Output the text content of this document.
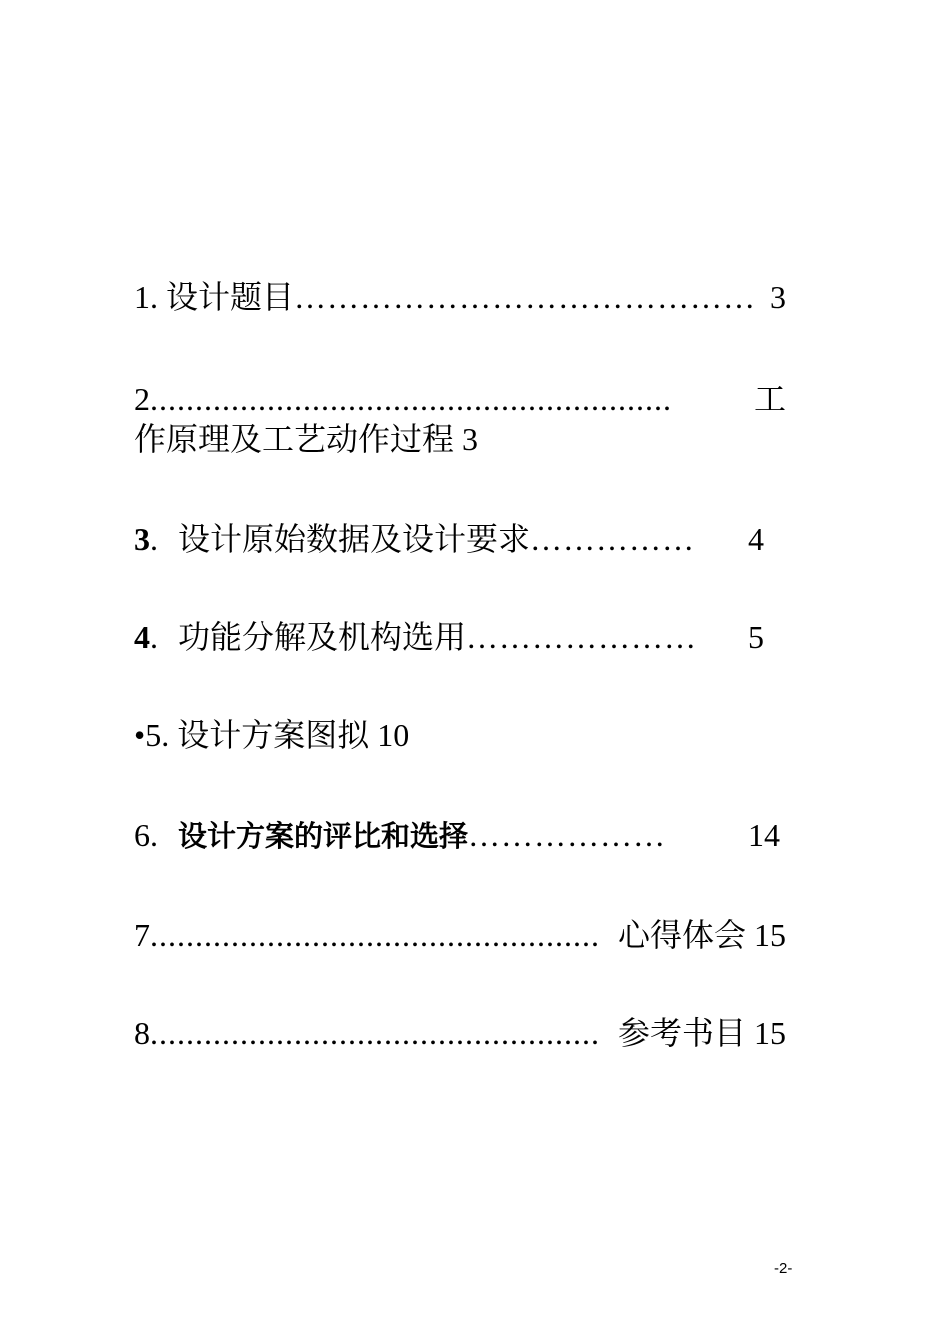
1. 设计题目 …………………………………… 3
2 ..........................................................	工
作原理及工艺动作过程 3
3 . 设计原始数据及设计要求 ……………	4
4 . 功能分解及机构选用 …………………	5
•5. 设计方案图拟 10
6 . 设计方案的评比和选择 ………………	14
7 .................................................. 心得体会 15
8 .................................................. 参考书目 15
-2-
